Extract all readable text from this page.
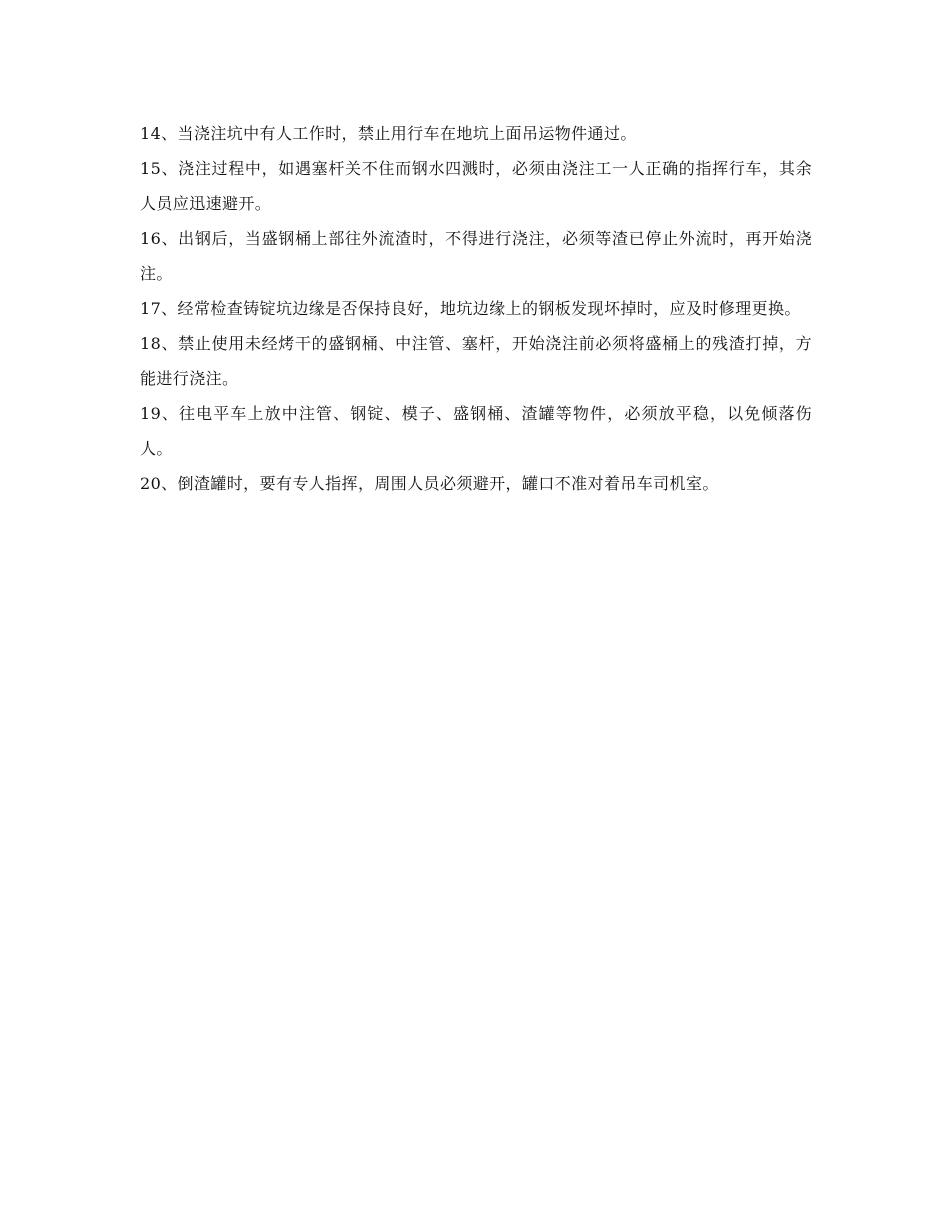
14、当浇注坑中有人工作时，禁止用行车在地坑上面吊运物件通过。

15、浇注过程中，如遇塞杆关不住而钢水四溅时，必须由浇注工一人正确的指挥行车，其余人员应迅速避开。

16、出钢后，当盛钢桶上部往外流渣时，不得进行浇注，必须等渣已停止外流时，再开始浇注。

17、经常检查铸锭坑边缘是否保持良好，地坑边缘上的钢板发现坏掉时，应及时修理更换。

18、禁止使用未经烤干的盛钢桶、中注管、塞杆，开始浇注前必须将盛桶上的残渣打掉，方能进行浇注。

19、往电平车上放中注管、钢锭、模子、盛钢桶、渣罐等物件，必须放平稳，以免倾落伤人。

20、倒渣罐时，要有专人指挥，周围人员必须避开，罐口不准对着吊车司机室。
